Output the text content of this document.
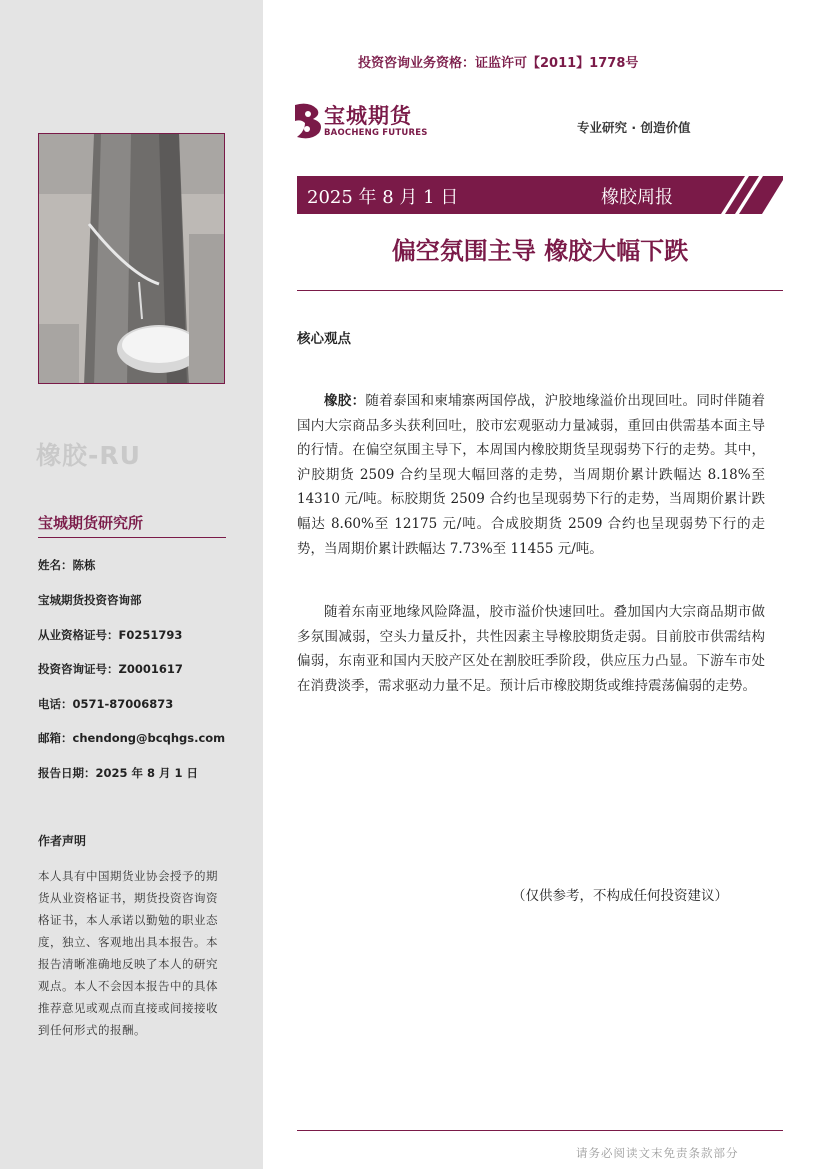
橡胶-RU
宝城期货研究所
姓名：陈栋
宝城期货投资咨询部
从业资格证号：F0251793
投资咨询证号：Z0001617
电话：0571-87006873
邮箱：chendong@bcqhgs.com
报告日期：2025 年 8 月 1 日
作者声明
本人具有中国期货业协会授予的期货从业资格证书，期货投资咨询资格证书，本人承诺以勤勉的职业态度，独立、客观地出具本报告。本报告清晰准确地反映了本人的研究观点。本人不会因本报告中的具体推荐意见或观点而直接或间接接收到任何形式的报酬。
投资咨询业务资格：证监许可【2011】1778号
宝城期货
BAOCHENG FUTURES	专业研究 · 创造价值
2025 年 8 月 1 日	橡胶周报
偏空氛围主导 橡胶大幅下跌
核心观点
橡胶：随着泰国和柬埔寨两国停战，沪胶地缘溢价出现回吐。同时伴随着国内大宗商品多头获利回吐，胶市宏观驱动力量减弱，重回由供需基本面主导的行情。在偏空氛围主导下，本周国内橡胶期货呈现弱势下行的走势。其中，沪胶期货 2509 合约呈现大幅回落的走势，当周期价累计跌幅达 8.18%至 14310 元/吨。标胶期货 2509 合约也呈现弱势下行的走势，当周期价累计跌幅达 8.60%至 12175 元/吨。合成胶期货 2509 合约也呈现弱势下行的走势，当周期价累计跌幅达 7.73%至 11455 元/吨。
随着东南亚地缘风险降温，胶市溢价快速回吐。叠加国内大宗商品期市做多氛围减弱，空头力量反扑，共性因素主导橡胶期货走弱。目前胶市供需结构偏弱，东南亚和国内天胶产区处在割胶旺季阶段，供应压力凸显。下游车市处在消费淡季，需求驱动力量不足。预计后市橡胶期货或维持震荡偏弱的走势。
（仅供参考，不构成任何投资建议）
请务必阅读文末免责条款部分
